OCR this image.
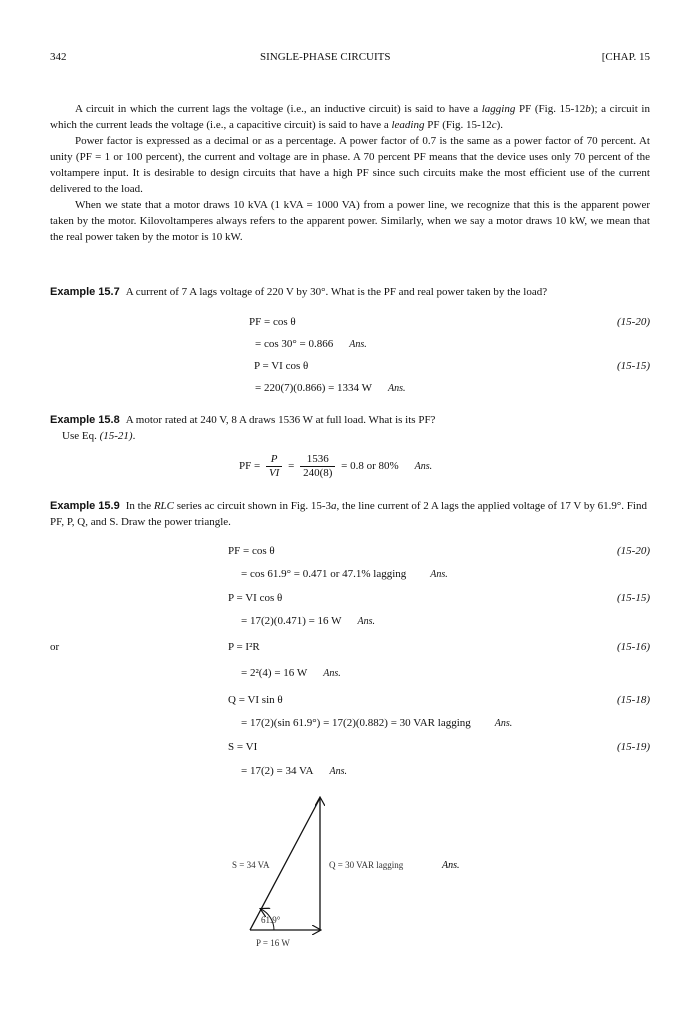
342	SINGLE-PHASE CIRCUITS	[CHAP. 15

A circuit in which the current lags the voltage (i.e., an inductive circuit) is said to have a lagging PF (Fig. 15-12b); a circuit in which the current leads the voltage (i.e., a capacitive circuit) is said to have a leading PF (Fig. 15-12c).

Power factor is expressed as a decimal or as a percentage. A power factor of 0.7 is the same as a power factor of 70 percent. At unity (PF = 1 or 100 percent), the current and voltage are in phase. A 70 percent PF means that the device uses only 70 percent of the voltampere input. It is desirable to design circuits that have a high PF since such circuits make the most efficient use of the current delivered to the load.

When we state that a motor draws 10 kVA (1 kVA = 1000 VA) from a power line, we recognize that this is the apparent power taken by the motor. Kilovoltamperes always refers to the apparent power. Similarly, when we say a motor draws 10 kW, we mean that the real power taken by the motor is 10 kW.

Example 15.7 A current of 7 A lags voltage of 220 V by 30°. What is the PF and real power taken by the load?
PF = cos θ	(15-20)
= cos 30° = 0.866 Ans.
P = VI cos θ	(15-15)
= 220(7)(0.866) = 1334 W Ans.
Example 15.8 A motor rated at 240 V, 8 A draws 1536 W at full load. What is its PF?
Use Eq. (15-21).
PF = $\frac{P}{VI} = \frac{1536}{240(8)} = 0.8$ or 80% Ans.
Example 15.9 In the RLC series ac circuit shown in Fig. 15-3a, the line current of 2 A lags the applied voltage of 17 V by 61.9°. Find PF, P, Q, and S. Draw the power triangle.
PF = cos θ	(15-20)
= cos 61.9° = 0.471 or 47.1% lagging Ans.
P = VI cos θ	(15-15)
= 17(2)(0.471) = 16 W Ans.
or	P = I²R	(15-16)
= 2²(4) = 16 W Ans.
Q = VI sin θ	(15-18)
= 17(2)(sin 61.9°) = 17(2)(0.882) = 30 VAR lagging Ans.
S = VI	(15-19)
= 17(2) = 34 VA Ans.
S = 34 VA	Q = 30 VAR lagging	Ans.
61.9°
P = 16 W
